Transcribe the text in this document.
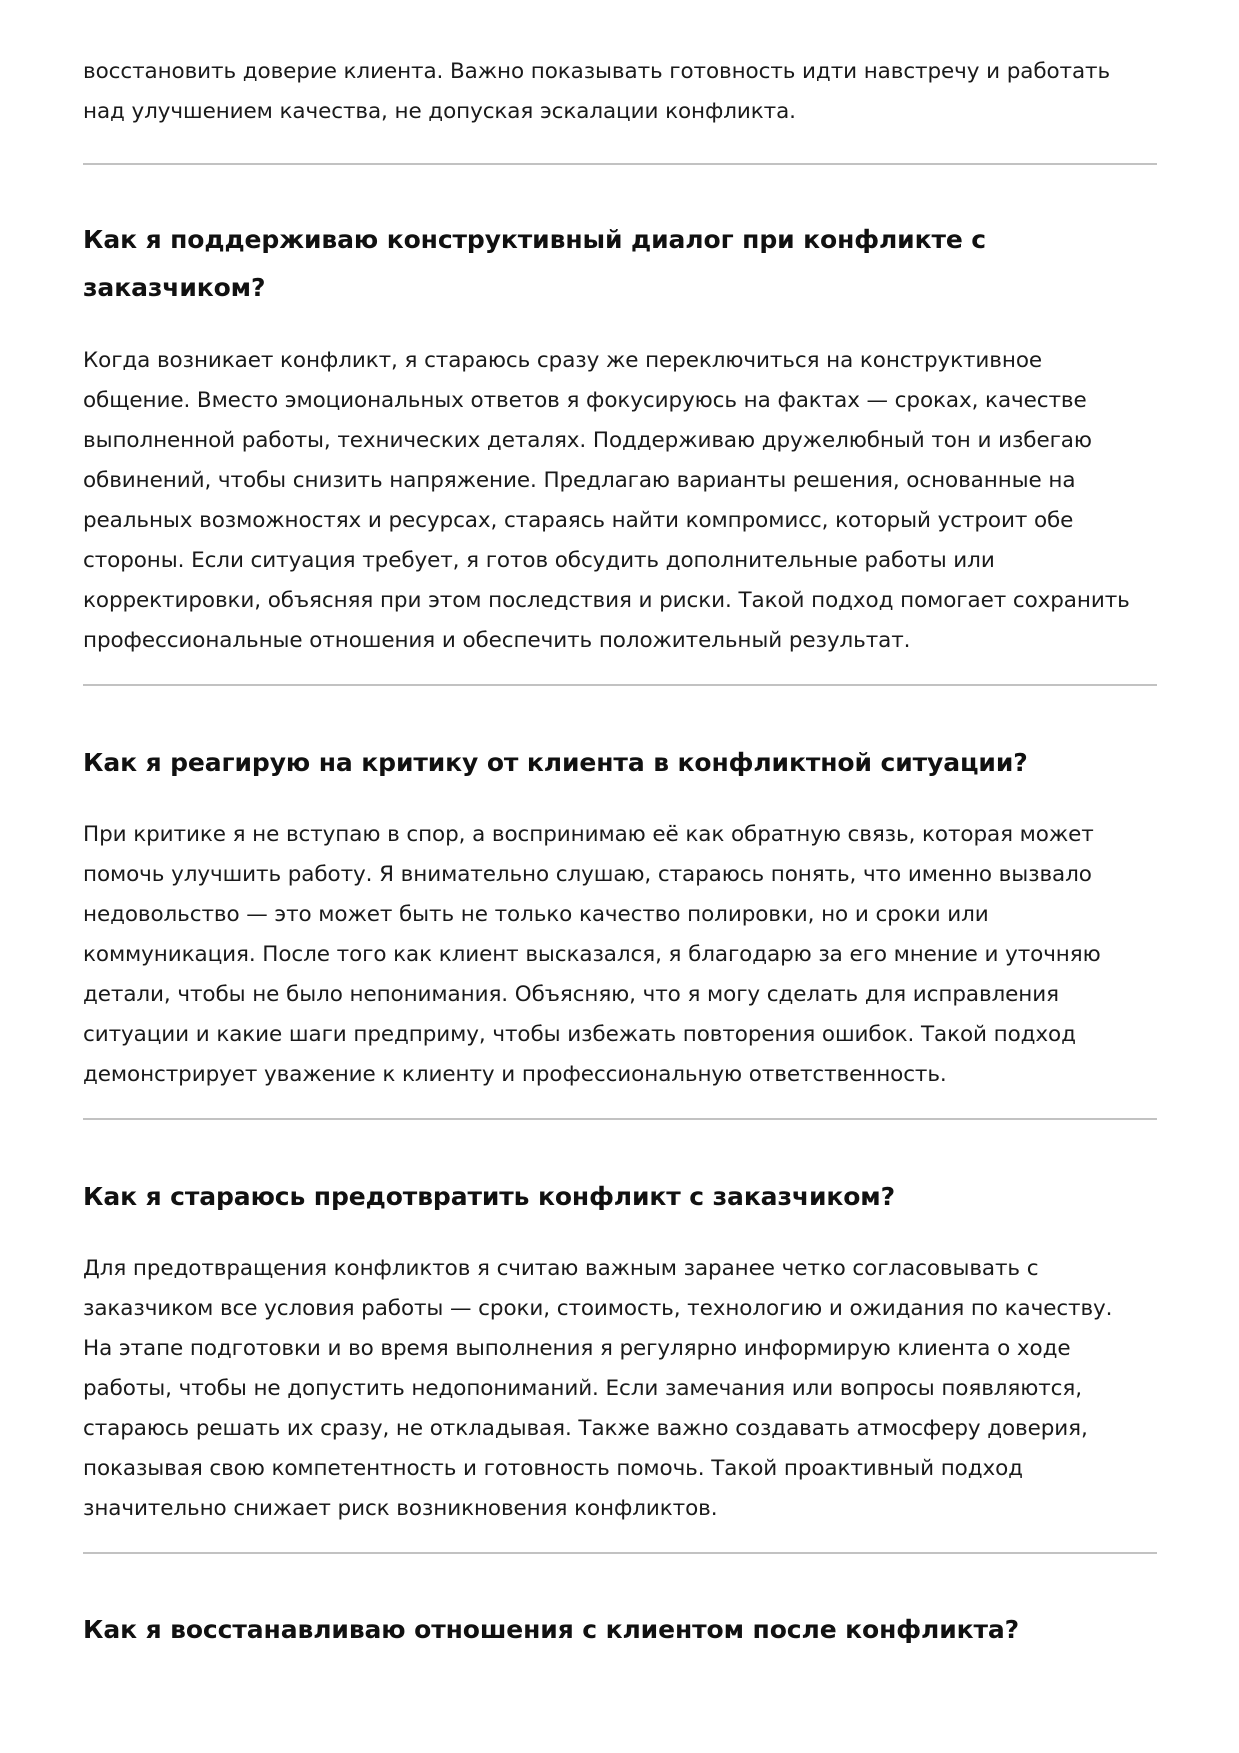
восстановить доверие клиента. Важно показывать готовность идти навстречу и работать
над улучшением качества, не допуская эскалации конфликта.

Как я поддерживаю конструктивный диалог при конфликте с
заказчиком?

Когда возникает конфликт, я стараюсь сразу же переключиться на конструктивное
общение. Вместо эмоциональных ответов я фокусируюсь на фактах — сроках, качестве
выполненной работы, технических деталях. Поддерживаю дружелюбный тон и избегаю
обвинений, чтобы снизить напряжение. Предлагаю варианты решения, основанные на
реальных возможностях и ресурсах, стараясь найти компромисс, который устроит обе
стороны. Если ситуация требует, я готов обсудить дополнительные работы или
корректировки, объясняя при этом последствия и риски. Такой подход помогает сохранить
профессиональные отношения и обеспечить положительный результат.

Как я реагирую на критику от клиента в конфликтной ситуации?

При критике я не вступаю в спор, а воспринимаю её как обратную связь, которая может
помочь улучшить работу. Я внимательно слушаю, стараюсь понять, что именно вызвало
недовольство — это может быть не только качество полировки, но и сроки или
коммуникация. После того как клиент высказался, я благодарю за его мнение и уточняю
детали, чтобы не было непонимания. Объясняю, что я могу сделать для исправления
ситуации и какие шаги предприму, чтобы избежать повторения ошибок. Такой подход
демонстрирует уважение к клиенту и профессиональную ответственность.

Как я стараюсь предотвратить конфликт с заказчиком?

Для предотвращения конфликтов я считаю важным заранее четко согласовывать с
заказчиком все условия работы — сроки, стоимость, технологию и ожидания по качеству.
На этапе подготовки и во время выполнения я регулярно информирую клиента о ходе
работы, чтобы не допустить недопониманий. Если замечания или вопросы появляются,
стараюсь решать их сразу, не откладывая. Также важно создавать атмосферу доверия,
показывая свою компетентность и готовность помочь. Такой проактивный подход
значительно снижает риск возникновения конфликтов.

Как я восстанавливаю отношения с клиентом после конфликта?
